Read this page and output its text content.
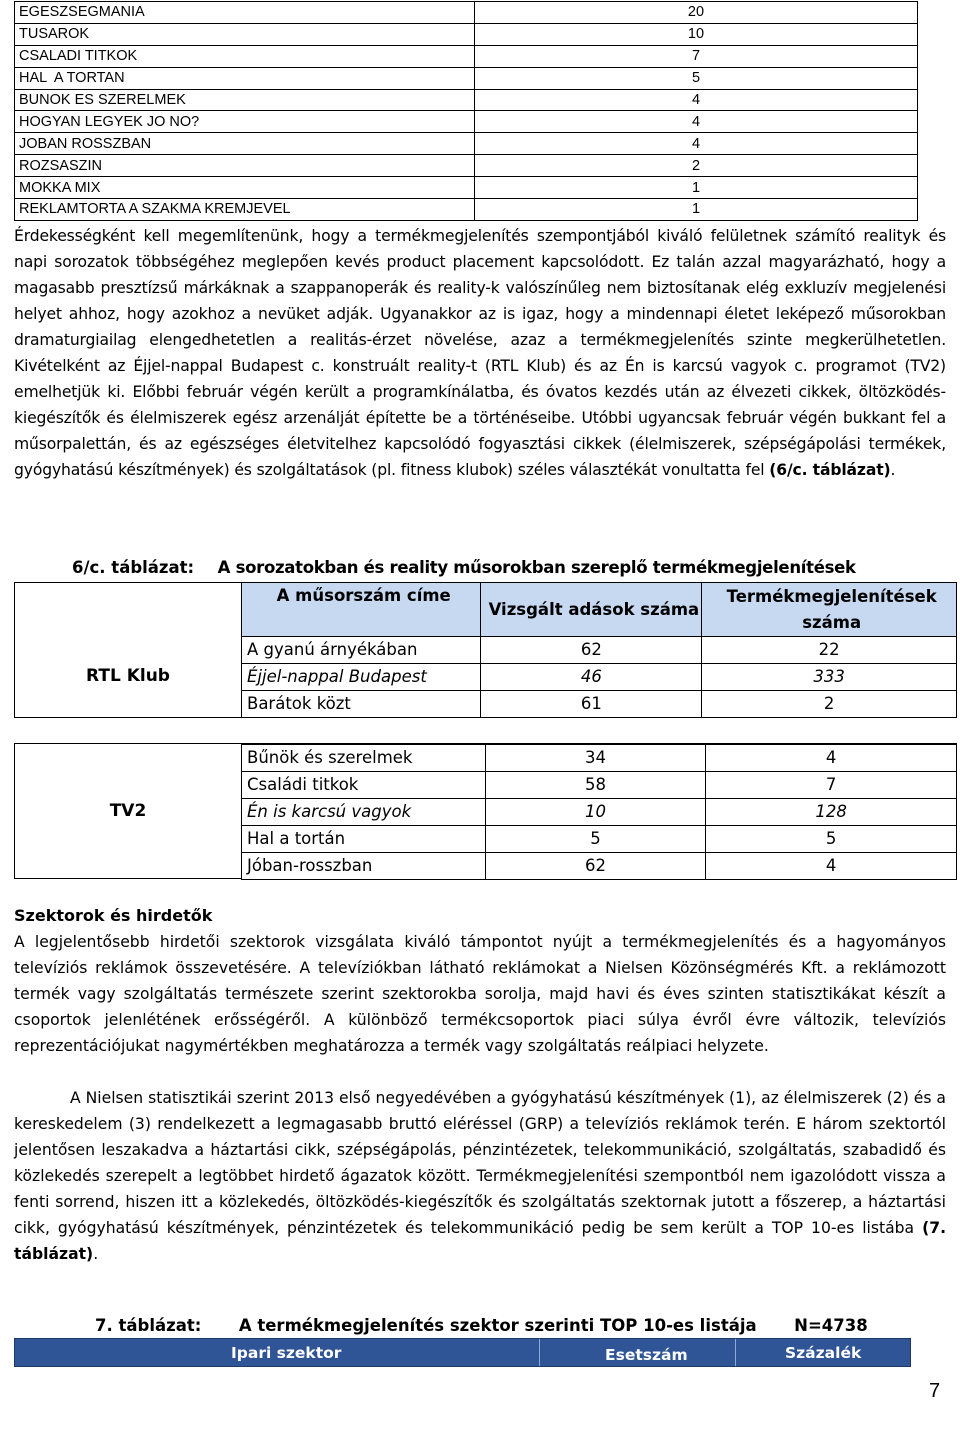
EGESZSEGMANIA	20
TUSAROK	10
CSALADI TITKOK	7
HAL  A TORTAN	5
BUNOK ES SZERELMEK	4
HOGYAN LEGYEK JO NO?	4
JOBAN ROSSZBAN	4
ROZSASZIN	2
MOKKA MIX	1
REKLAMTORTA A SZAKMA KREMJEVEL	1

Érdekességként kell megemlítenünk, hogy a termékmegjelenítés szempontjából kiváló felületnek számító realityk és napi sorozatok többségéhez meglepően kevés product placement kapcsolódott. Ez talán azzal magyarázható, hogy a magasabb presztízsű márkáknak a szappanoperák és reality-k valószínűleg nem biztosítanak elég exkluzív megjelenési helyet ahhoz, hogy azokhoz a nevüket adják. Ugyanakkor az is igaz, hogy a mindennapi életet leképező műsorokban dramaturgiailag elengedhetetlen a realitás-érzet növelése, azaz a termékmegjelenítés szinte megkerülhetetlen. Kivételként az Éjjel-nappal Budapest c. konstruált reality-t (RTL Klub) és az Én is karcsú vagyok c. programot (TV2) emelhetjük ki. Előbbi február végén került a programkínálatba, és óvatos kezdés után az élvezeti cikkek, öltözködés-kiegészítők és élelmiszerek egész arzenálját építette be a történéseibe. Utóbbi ugyancsak február végén bukkant fel a műsorpalettán, és az egészséges életvitelhez kapcsolódó fogyasztási cikkek (élelmiszerek, szépségápolási termékek, gyógyhatású készítmények) és szolgáltatások (pl. fitness klubok) széles választékát vonultatta fel (6/c. táblázat).

6/c. táblázat: A sorozatokban és reality műsorokban szereplő termékmegjelenítések
RTL Klub
A műsorszám címe	Vizsgált adások száma	Termékmegjelenítések száma
A gyanú árnyékában	62	22
Éjjel-nappal Budapest	46	333
Barátok közt	61	2
TV2
Bűnök és szerelmek	34	4
Családi titkok	58	7
Én is karcsú vagyok	10	128
Hal a tortán	5	5
Jóban-rosszban	62	4
Szektorok és hirdetők

A legjelentősebb hirdetői szektorok vizsgálata kiváló támpontot nyújt a termékmegjelenítés és a hagyományos televíziós reklámok összevetésére. A televíziókban látható reklámokat a Nielsen Közönségmérés Kft. a reklámozott termék vagy szolgáltatás természete szerint szektorokba sorolja, majd havi és éves szinten statisztikákat készít a csoportok jelenlétének erősségéről. A különböző termékcsoportok piaci súlya évről évre változik, televíziós reprezentációjukat nagymértékben meghatározza a termék vagy szolgáltatás reálpiaci helyzete.

A Nielsen statisztikái szerint 2013 első negyedévében a gyógyhatású készítmények (1), az élelmiszerek (2) és a kereskedelem (3) rendelkezett a legmagasabb bruttó eléréssel (GRP) a televíziós reklámok terén. E három szektortól jelentősen leszakadva a háztartási cikk, szépségápolás, pénzintézetek, telekommunikáció, szolgáltatás, szabadidő és közlekedés szerepelt a legtöbbet hirdető ágazatok között. Termékmegjelenítési szempontból nem igazolódott vissza a fenti sorrend, hiszen itt a közlekedés, öltözködés-kiegészítők és szolgáltatás szektornak jutott a főszerep, a háztartási cikk, gyógyhatású készítmények, pénzintézetek és telekommunikáció pedig be sem került a TOP 10-es listába (7. táblázat).

7. táblázat: A termékmegjelenítés szektor szerinti TOP 10-es listája N=4738
Ipari szektor	Esetszám	Százalék
7
